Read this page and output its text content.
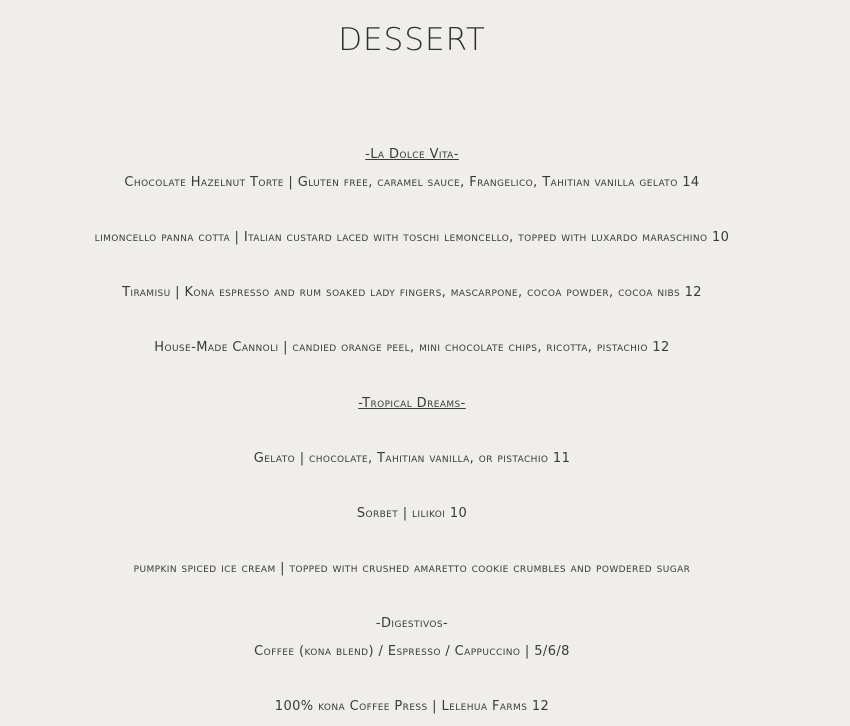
DESSERT
-La Dolce Vita-
Chocolate Hazelnut Torte | Gluten free, caramel sauce, Frangelico, Tahitian vanilla gelato 14
limoncello panna cotta | Italian custard laced with toschi lemoncello, topped with luxardo maraschino 10
Tiramisu | Kona espresso and rum soaked lady fingers, mascarpone, cocoa powder, cocoa nibs 12
House-Made Cannoli | candied orange peel, mini chocolate chips, ricotta, pistachio 12
-Tropical Dreams-
Gelato | chocolate, Tahitian vanilla, or pistachio 11
Sorbet | lilikoi 10
pumpkin spiced ice cream | topped with crushed amaretto cookie crumbles and powdered sugar
-Digestivos-
Coffee (kona blend) / Espresso / Cappuccino | 5/6/8
100% kona Coffee Press | Lelehua Farms 12
